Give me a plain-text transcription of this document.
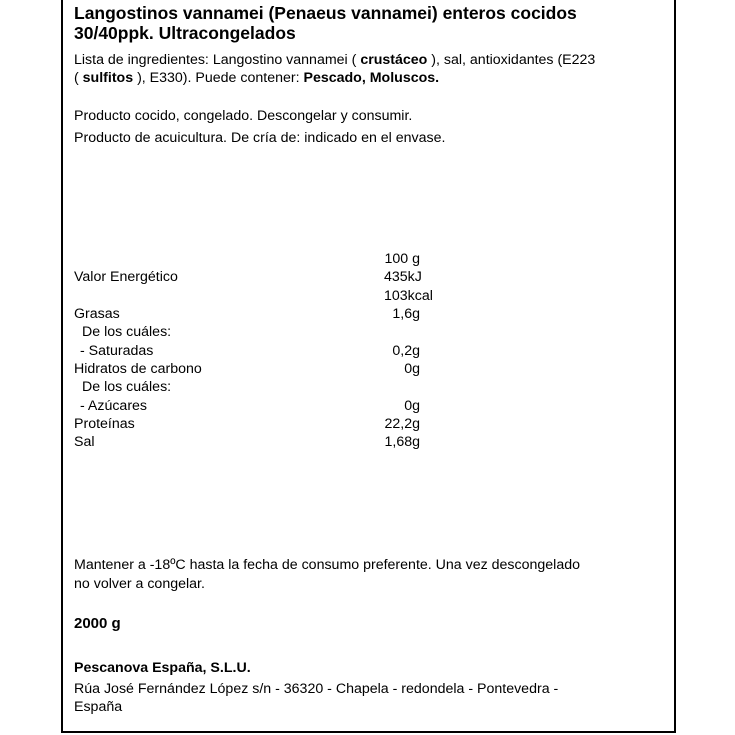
Langostinos vannamei (Penaeus vannamei) enteros cocidos
30/40ppk. Ultracongelados
Lista de ingredientes: Langostino vannamei ( crustáceo ), sal, antioxidantes (E223
( sulfitos ), E330). Puede contener: Pescado, Moluscos.
Producto cocido, congelado. Descongelar y consumir.
Producto de acuicultura. De cría de: indicado en el envase.
100 g
Valor Energético	435kJ
103kcal
Grasas	1,6g
De los cuáles:
- Saturadas	0,2g
Hidratos de carbono	0g
De los cuáles:
- Azúcares	0g
Proteínas	22,2g
Sal	1,68g
Mantener a -18ºC hasta la fecha de consumo preferente. Una vez descongelado
no volver a congelar.
2000 g
Pescanova España, S.L.U.
Rúa José Fernández López s/n - 36320 - Chapela - redondela - Pontevedra -
España
